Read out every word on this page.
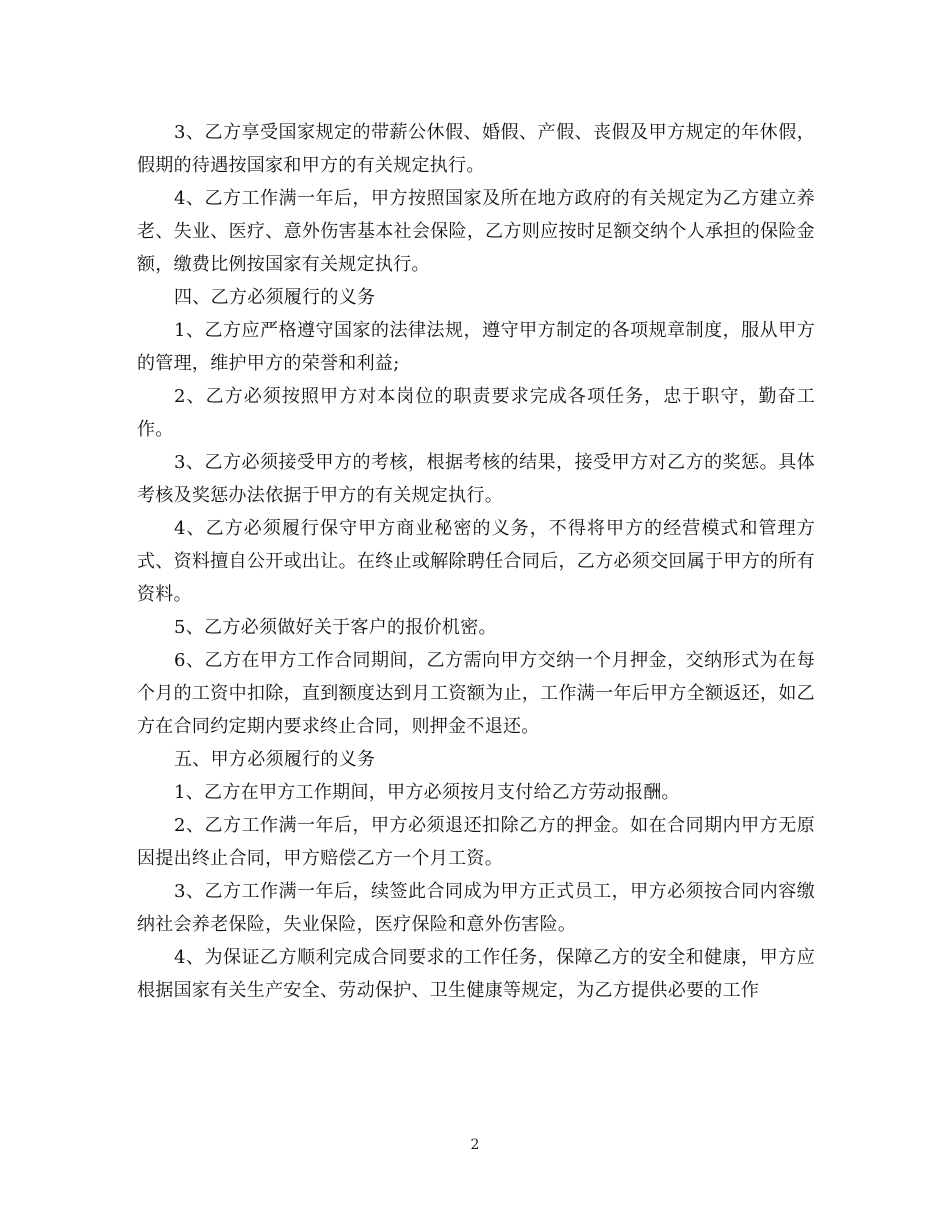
3、乙方享受国家规定的带薪公休假、婚假、产假、丧假及甲方规定的年休假，假期的待遇按国家和甲方的有关规定执行。

4、乙方工作满一年后，甲方按照国家及所在地方政府的有关规定为乙方建立养老、失业、医疗、意外伤害基本社会保险，乙方则应按时足额交纳个人承担的保险金额，缴费比例按国家有关规定执行。

四、乙方必须履行的义务

1、乙方应严格遵守国家的法律法规，遵守甲方制定的各项规章制度，服从甲方的管理，维护甲方的荣誉和利益;

2、乙方必须按照甲方对本岗位的职责要求完成各项任务，忠于职守，勤奋工作。

3、乙方必须接受甲方的考核，根据考核的结果，接受甲方对乙方的奖惩。具体考核及奖惩办法依据于甲方的有关规定执行。

4、乙方必须履行保守甲方商业秘密的义务，不得将甲方的经营模式和管理方式、资料擅自公开或出让。在终止或解除聘任合同后，乙方必须交回属于甲方的所有资料。

5、乙方必须做好关于客户的报价机密。

6、乙方在甲方工作合同期间，乙方需向甲方交纳一个月押金，交纳形式为在每个月的工资中扣除，直到额度达到月工资额为止，工作满一年后甲方全额返还，如乙方在合同约定期内要求终止合同，则押金不退还。

五、甲方必须履行的义务

1、乙方在甲方工作期间，甲方必须按月支付给乙方劳动报酬。

2、乙方工作满一年后，甲方必须退还扣除乙方的押金。如在合同期内甲方无原因提出终止合同，甲方赔偿乙方一个月工资。

3、乙方工作满一年后，续签此合同成为甲方正式员工，甲方必须按合同内容缴纳社会养老保险，失业保险，医疗保险和意外伤害险。

4、为保证乙方顺利完成合同要求的工作任务，保障乙方的安全和健康，甲方应根据国家有关生产安全、劳动保护、卫生健康等规定，为乙方提供必要的工作

2
